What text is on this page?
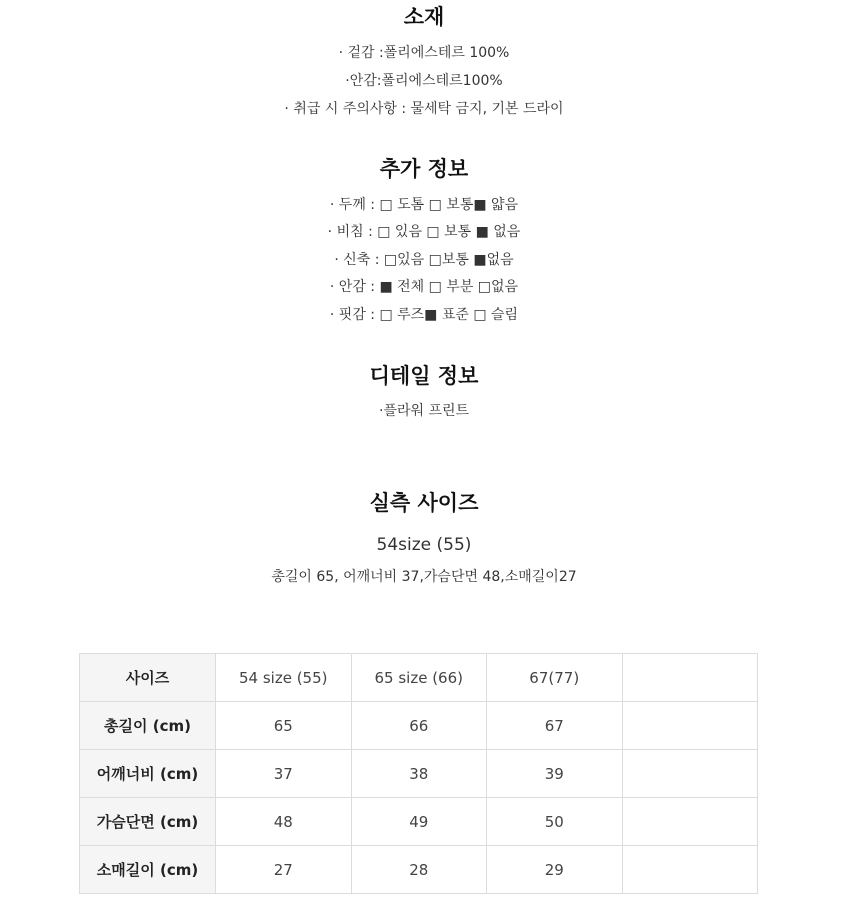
소재
· 겉감 :폴리에스테르 100%
·안감:폴리에스테르100%
· 취급 시 주의사항 : 물세탁 금지, 기본 드라이
추가 정보
· 두께 : □ 도톰 □ 보통■ 얇음
· 비침 : □ 있음 □ 보통 ■ 없음
· 신축 : □있음 □보통 ■없음
· 안감 : ■ 전체 □ 부분 □없음
· 핏감 : □ 루즈■ 표준 □ 슬림
디테일 정보
·플라워 프린트
실측 사이즈
54size (55)
총길이 65, 어깨너비 37,가슴단면 48,소매길이27
사이즈	54 size (55)	65 size (66)	67(77)	
총길이 (cm)	65	66	67	
어깨너비 (cm)	37	38	39	
가슴단면 (cm)	48	49	50	
소매길이 (cm)	27	28	29	
